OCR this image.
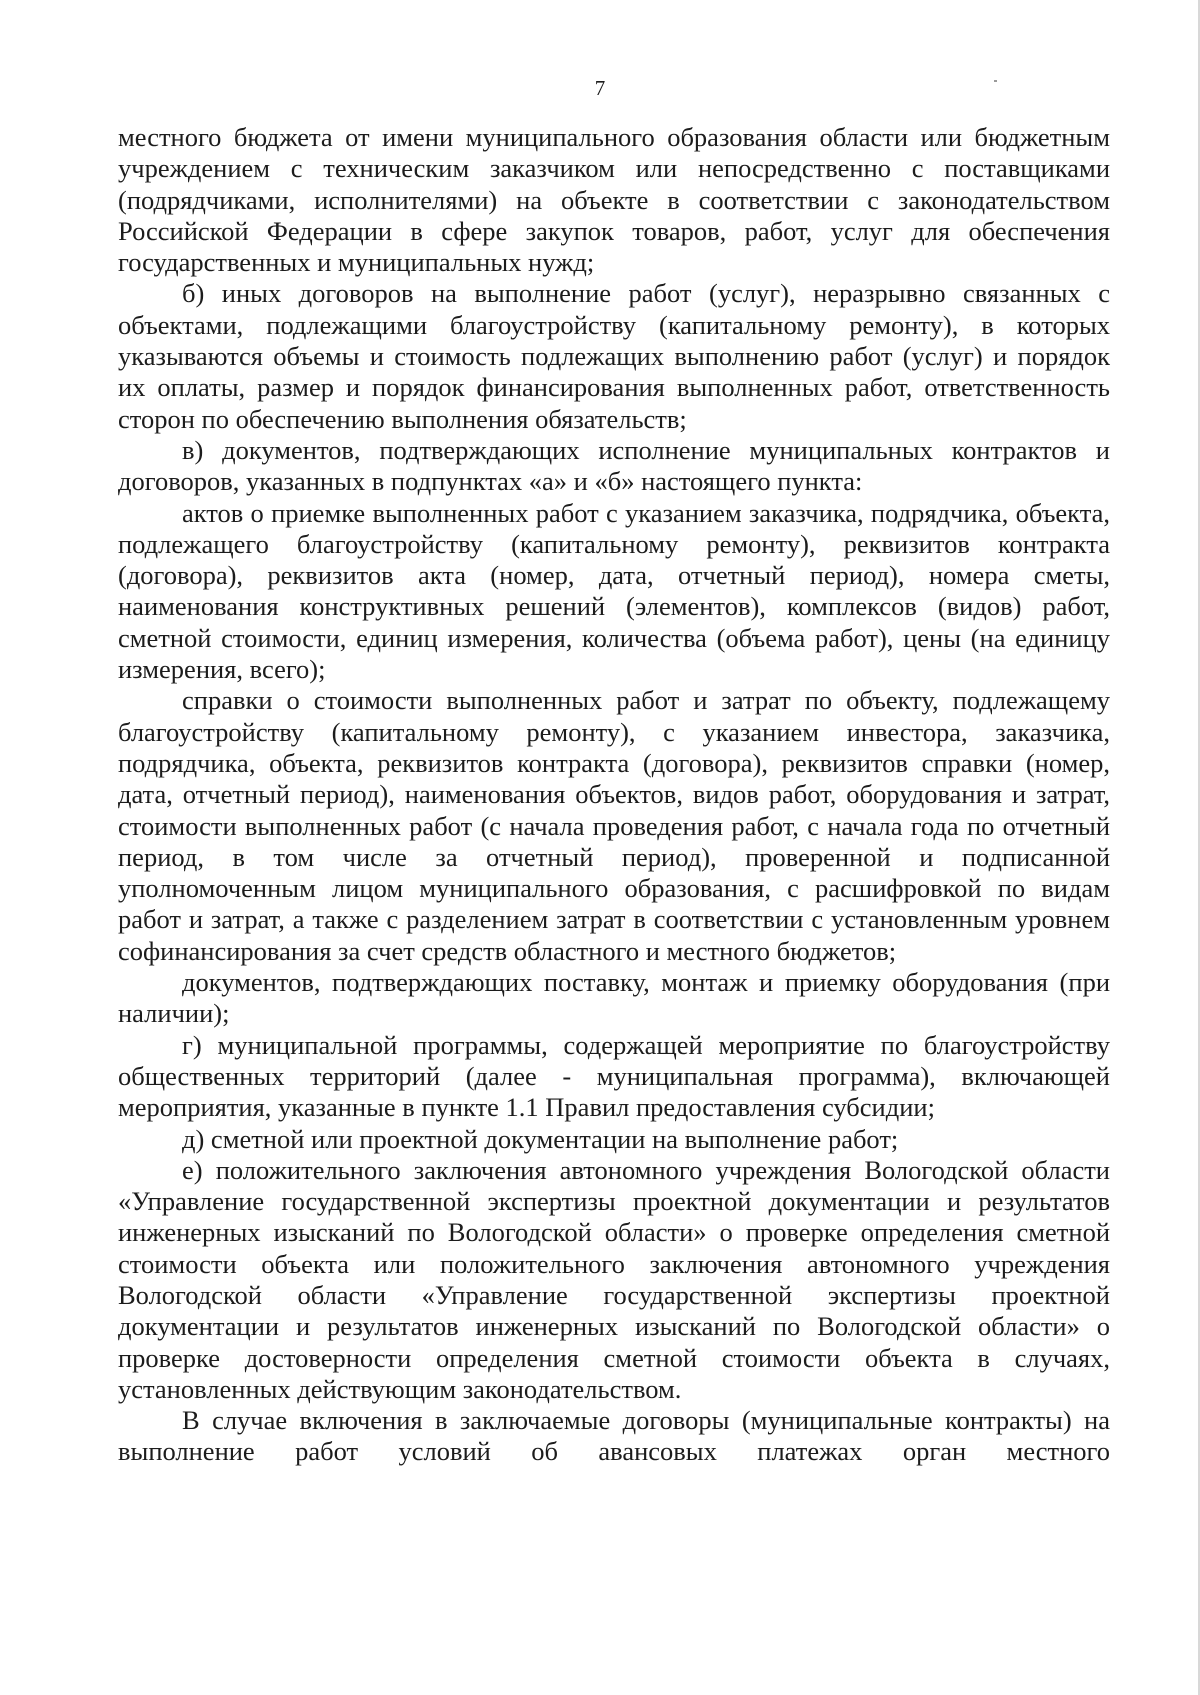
7

местного бюджета от имени муниципального образования области или бюджетным учреждением с техническим заказчиком или непосредственно с поставщиками (подрядчиками, исполнителями) на объекте в соответствии с законодательством Российской Федерации в сфере закупок товаров, работ, услуг для обеспечения государственных и муниципальных нужд;

б) иных договоров на выполнение работ (услуг), неразрывно связанных с объектами, подлежащими благоустройству (капитальному ремонту), в которых указываются объемы и стоимость подлежащих выполнению работ (услуг) и порядок их оплаты, размер и порядок финансирования выполненных работ, ответственность сторон по обеспечению выполнения обязательств;

в) документов, подтверждающих исполнение муниципальных контрактов и договоров, указанных в подпунктах «а» и «б» настоящего пункта:

актов о приемке выполненных работ с указанием заказчика, подрядчика, объекта, подлежащего благоустройству (капитальному ремонту), реквизитов контракта (договора), реквизитов акта (номер, дата, отчетный период), номера сметы, наименования конструктивных решений (элементов), комплексов (видов) работ, сметной стоимости, единиц измерения, количества (объема работ), цены (на единицу измерения, всего);

справки о стоимости выполненных работ и затрат по объекту, подлежащему благоустройству (капитальному ремонту), с указанием инвестора, заказчика, подрядчика, объекта, реквизитов контракта (договора), реквизитов справки (номер, дата, отчетный период), наименования объектов, видов работ, оборудования и затрат, стоимости выполненных работ (с начала проведения работ, с начала года по отчетный период, в том числе за отчетный период), проверенной и подписанной уполномоченным лицом муниципального образования, с расшифровкой по видам работ и затрат, а также с разделением затрат в соответствии с установленным уровнем софинансирования за счет средств областного и местного бюджетов;

документов, подтверждающих поставку, монтаж и приемку оборудования (при наличии);

г) муниципальной программы, содержащей мероприятие по благоустройству общественных территорий (далее - муниципальная программа), включающей мероприятия, указанные в пункте 1.1 Правил предоставления субсидии;

д) сметной или проектной документации на выполнение работ;

е) положительного заключения автономного учреждения Вологодской области «Управление государственной экспертизы проектной документации и результатов инженерных изысканий по Вологодской области» о проверке определения сметной стоимости объекта или положительного заключения автономного учреждения Вологодской области «Управление государственной экспертизы проектной документации и результатов инженерных изысканий по Вологодской области» о проверке достоверности определения сметной стоимости объекта в случаях, установленных действующим законодательством.

В случае включения в заключаемые договоры (муниципальные контракты) на выполнение работ условий об авансовых платежах орган местного
